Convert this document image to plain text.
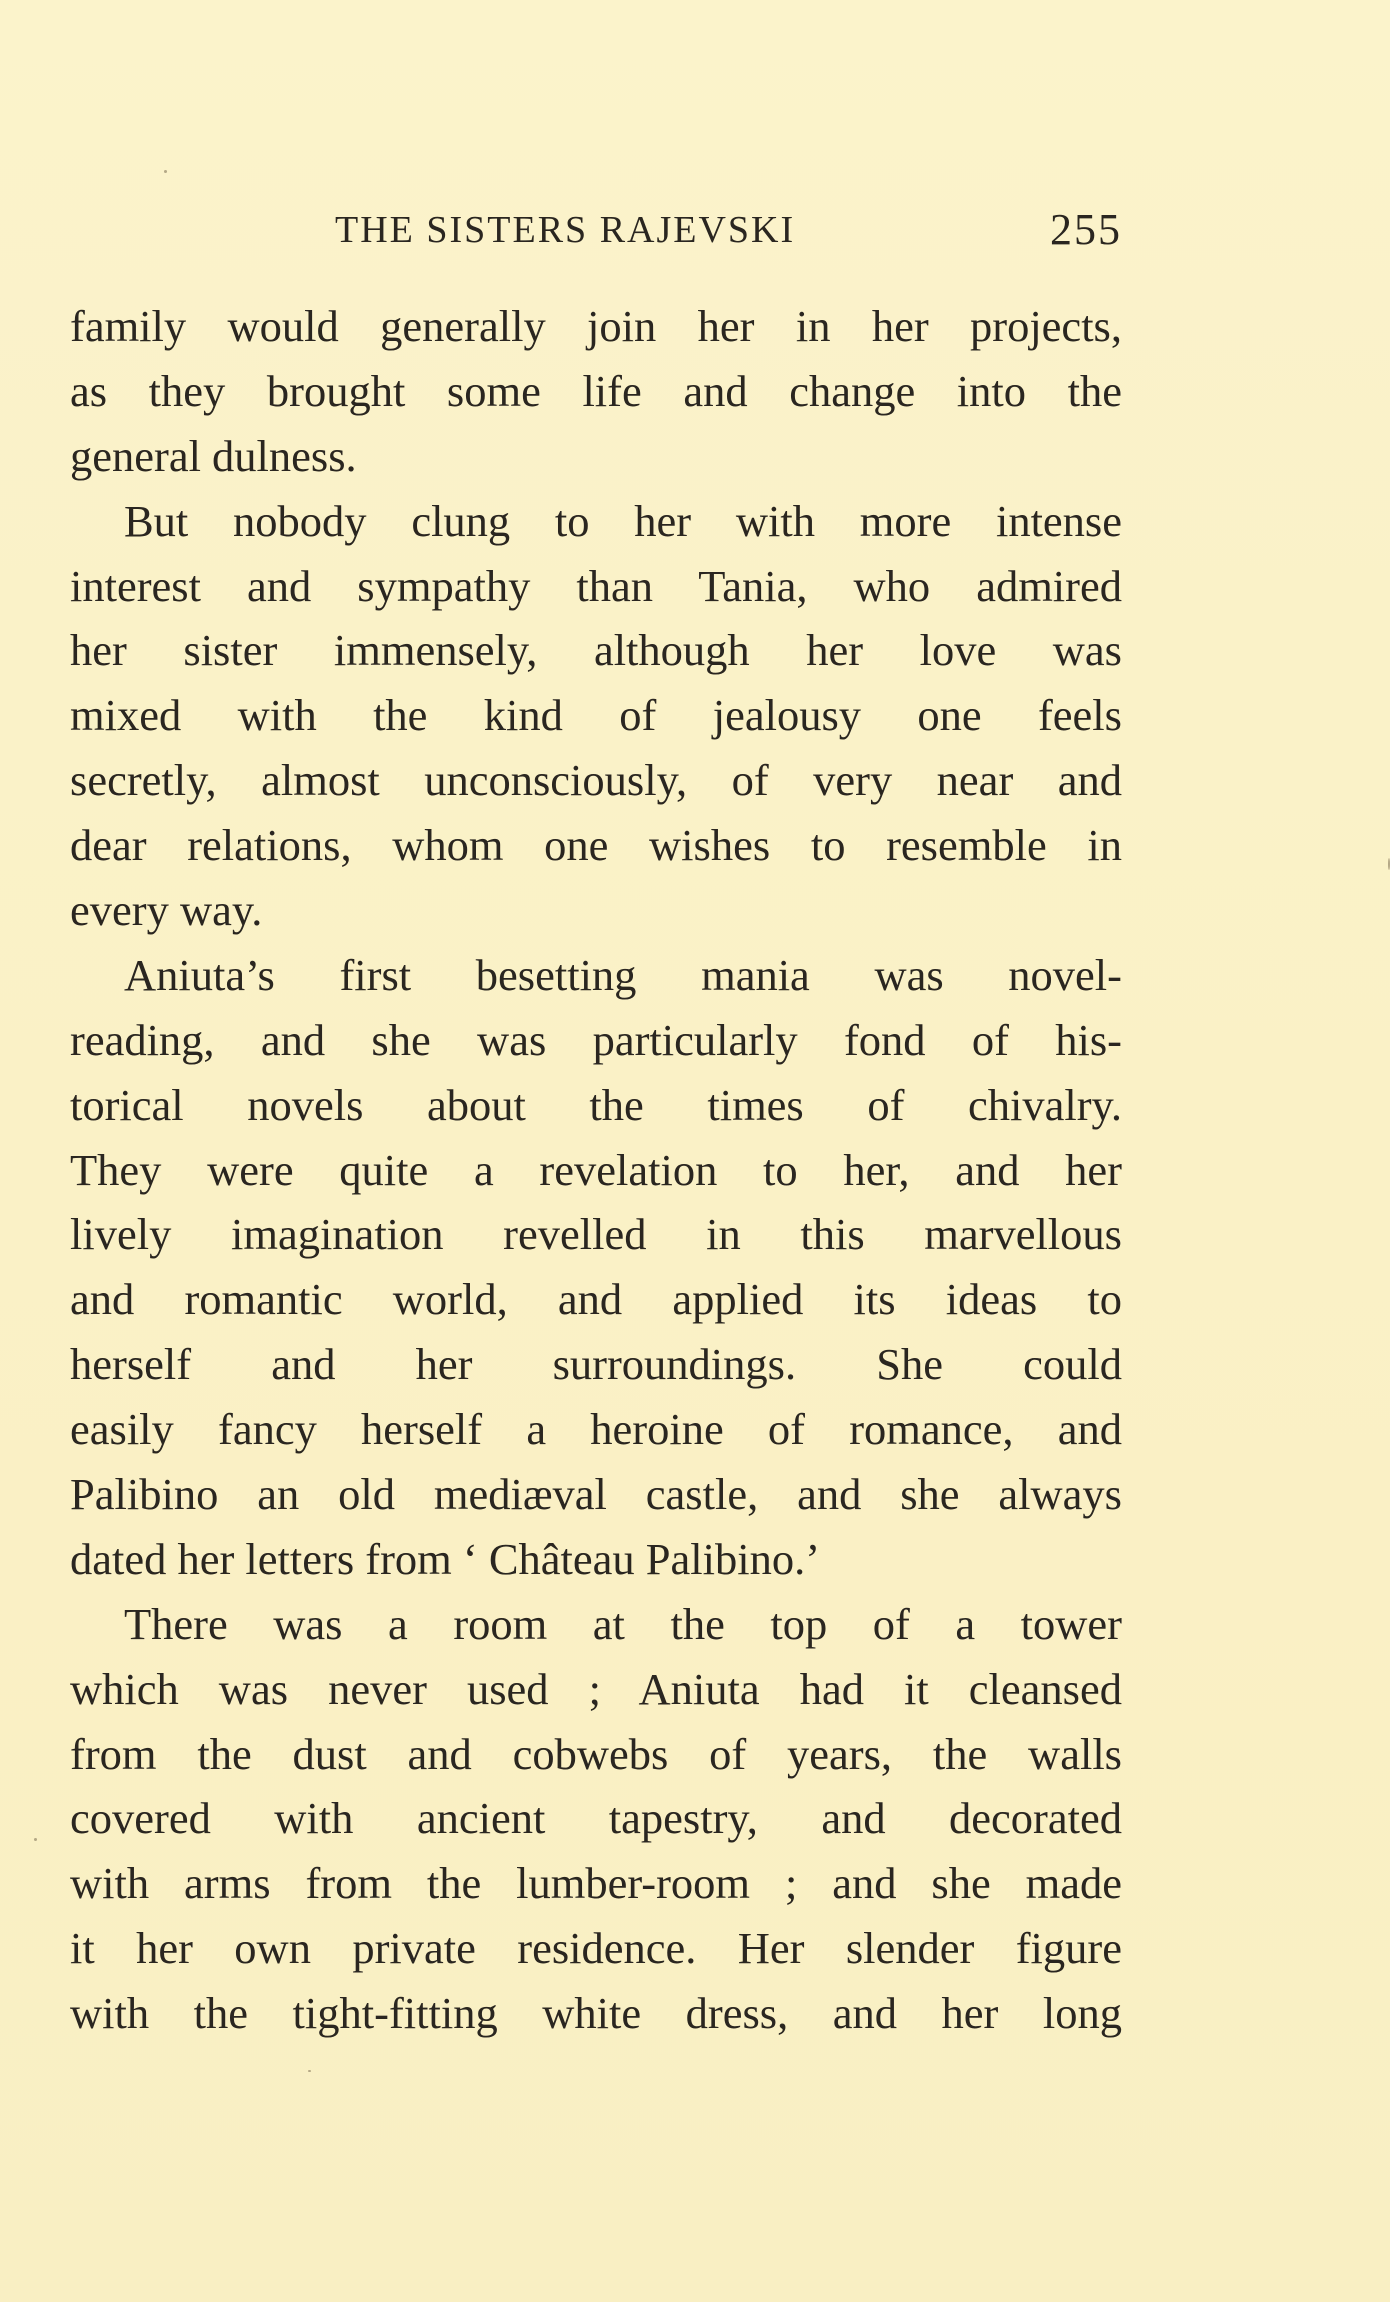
THE SISTERS RAJEVSKI	255
family would generally join her in her projects,
as they brought some life and change into the
general dulness.
But nobody clung to her with more intense
interest and sympathy than Tania, who admired
her sister immensely, although her love was
mixed with the kind of jealousy one feels
secretly, almost unconsciously, of very near and
dear relations, whom one wishes to resemble in
every way.
Aniuta’s first besetting mania was novel-
reading, and she was particularly fond of his-
torical novels about the times of chivalry.
They were quite a revelation to her, and her
lively imagination revelled in this marvellous
and romantic world, and applied its ideas to
herself and her surroundings. She could
easily fancy herself a heroine of romance, and
Palibino an old mediæval castle, and she always
dated her letters from ‘ Château Palibino.’
There was a room at the top of a tower
which was never used ; Aniuta had it cleansed
from the dust and cobwebs of years, the walls
covered with ancient tapestry, and decorated
with arms from the lumber-room ; and she made
it her own private residence. Her slender figure
with the tight-fitting white dress, and her long
